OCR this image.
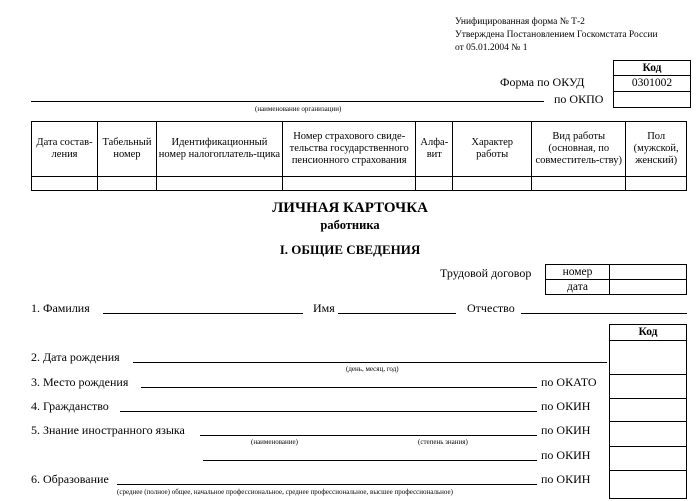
Унифицированная форма № Т-2
Утверждена Постановлением Госкомстата России
от 05.01.2004 № 1
Код
Форма по ОКУД	0301002
по ОКПО
(наименование организации)
Дата состав-ления	Табельный номер	Идентификационный номер налогоплатель-щика	Номер страхового свиде-тельства государственного пенсионного страхования	Алфа-вит	Характер работы	Вид работы (основная, по совместитель-ству)	Пол (мужской, женский)

ЛИЧНАЯ КАРТОЧКА
работника
I. ОБЩИЕ СВЕДЕНИЯ
Трудовой договор	номер
дата
1. Фамилия	Имя	Отчество
Код
2. Дата рождения
(день, месяц, год)
3. Место рождения	по ОКАТО
4. Гражданство	по ОКИН
5. Знание иностранного языка	по ОКИН
(наименование)	(степень знания)
по ОКИН
6. Образование	по ОКИН
(среднее (полное) общее, начальное профессиональное, среднее профессиональное, высшее профессиональное)
